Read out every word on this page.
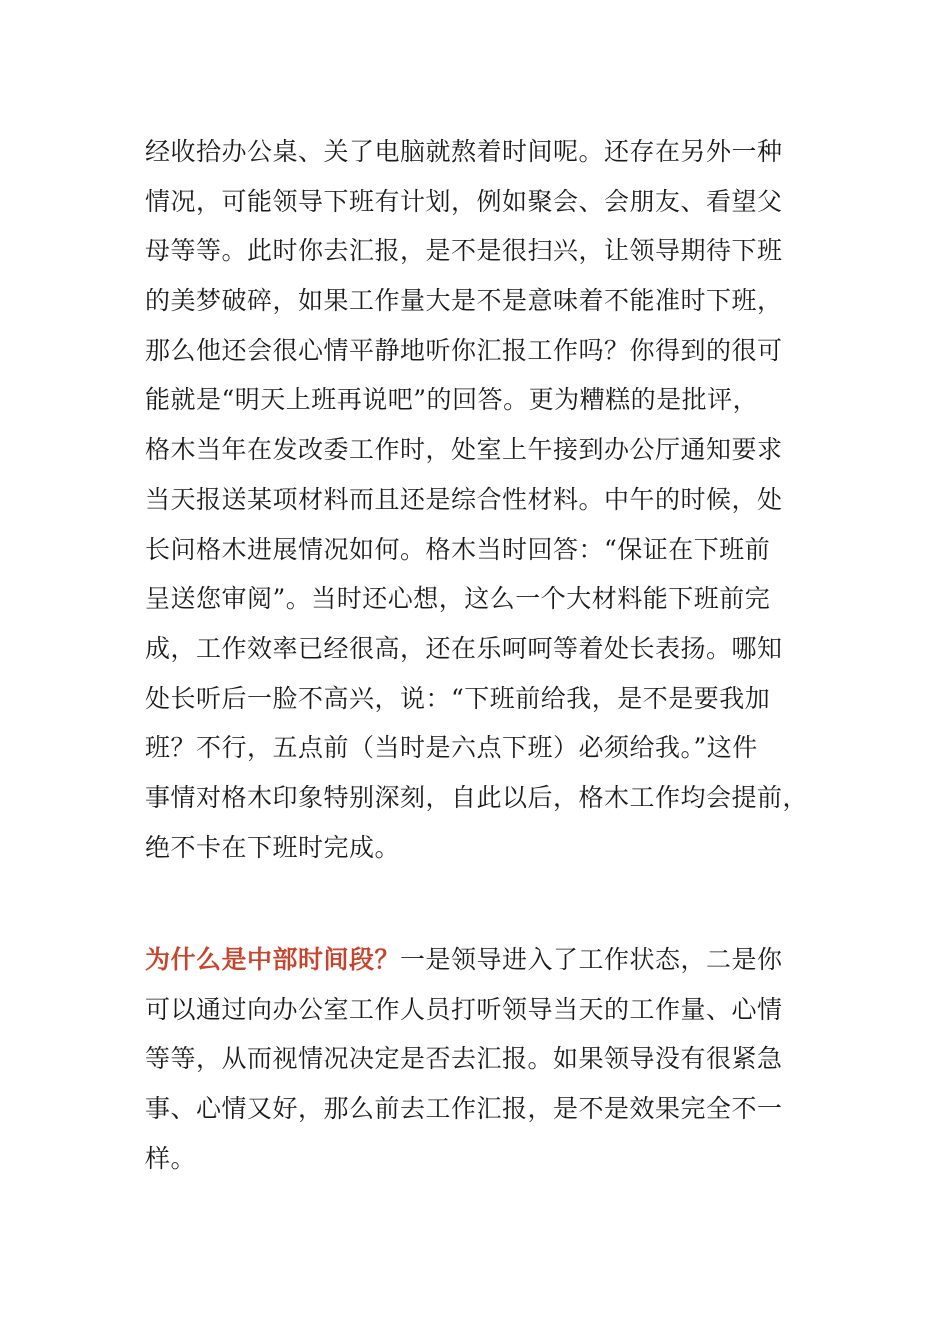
经收拾办公桌、关了电脑就熬着时间呢。还存在另外一种
情况，可能领导下班有计划，例如聚会、会朋友、看望父
母等等。此时你去汇报，是不是很扫兴，让领导期待下班
的美梦破碎，如果工作量大是不是意味着不能准时下班，
那么他还会很心情平静地听你汇报工作吗？你得到的很可
能就是“明天上班再说吧”的回答。更为糟糕的是批评，
格木当年在发改委工作时，处室上午接到办公厅通知要求
当天报送某项材料而且还是综合性材料。中午的时候，处
长问格木进展情况如何。格木当时回答：“保证在下班前
呈送您审阅”。当时还心想，这么一个大材料能下班前完
成，工作效率已经很高，还在乐呵呵等着处长表扬。哪知
处长听后一脸不高兴，说：“下班前给我，是不是要我加
班？不行，五点前（当时是六点下班）必须给我。”这件
事情对格木印象特别深刻，自此以后，格木工作均会提前，
绝不卡在下班时完成。
为什么是中部时间段？一是领导进入了工作状态，二是你
可以通过向办公室工作人员打听领导当天的工作量、心情
等等，从而视情况决定是否去汇报。如果领导没有很紧急
事、心情又好，那么前去工作汇报，是不是效果完全不一
样。
